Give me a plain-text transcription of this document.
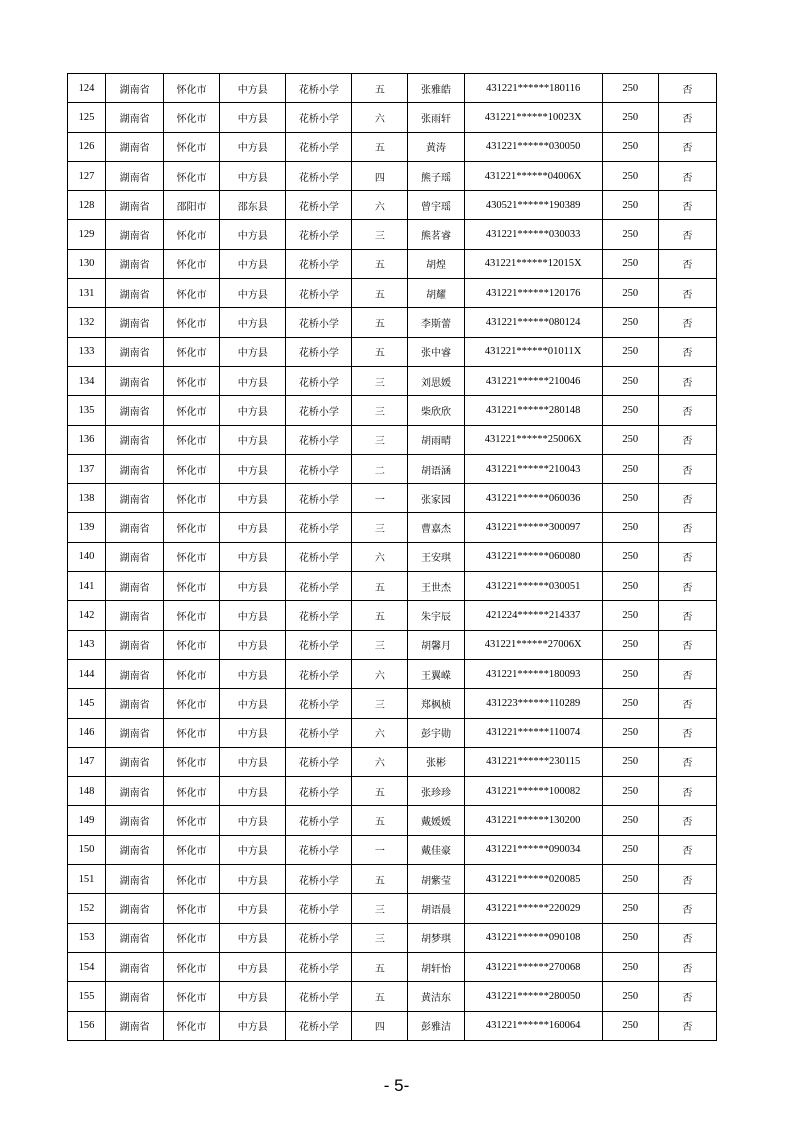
124	湖南省	怀化市	中方县	花桥小学	五	张雅皓	431221******180116	250	否
125	湖南省	怀化市	中方县	花桥小学	六	张雨轩	431221******10023X	250	否
126	湖南省	怀化市	中方县	花桥小学	五	黄涛	431221******030050	250	否
127	湖南省	怀化市	中方县	花桥小学	四	熊子瑶	431221******04006X	250	否
128	湖南省	邵阳市	邵东县	花桥小学	六	曾宇瑶	430521******190389	250	否
129	湖南省	怀化市	中方县	花桥小学	三	熊茗睿	431221******030033	250	否
130	湖南省	怀化市	中方县	花桥小学	五	胡煌	431221******12015X	250	否
131	湖南省	怀化市	中方县	花桥小学	五	胡耀	431221******120176	250	否
132	湖南省	怀化市	中方县	花桥小学	五	李斯蕾	431221******080124	250	否
133	湖南省	怀化市	中方县	花桥小学	五	张中睿	431221******01011X	250	否
134	湖南省	怀化市	中方县	花桥小学	三	刘思媛	431221******210046	250	否
135	湖南省	怀化市	中方县	花桥小学	三	柴欣欣	431221******280148	250	否
136	湖南省	怀化市	中方县	花桥小学	三	胡雨晴	431221******25006X	250	否
137	湖南省	怀化市	中方县	花桥小学	二	胡语涵	431221******210043	250	否
138	湖南省	怀化市	中方县	花桥小学	一	张家园	431221******060036	250	否
139	湖南省	怀化市	中方县	花桥小学	三	曹嘉杰	431221******300097	250	否
140	湖南省	怀化市	中方县	花桥小学	六	王安琪	431221******060080	250	否
141	湖南省	怀化市	中方县	花桥小学	五	王世杰	431221******030051	250	否
142	湖南省	怀化市	中方县	花桥小学	五	朱宇辰	421224******214337	250	否
143	湖南省	怀化市	中方县	花桥小学	三	胡馨月	431221******27006X	250	否
144	湖南省	怀化市	中方县	花桥小学	六	王翼嵘	431221******180093	250	否
145	湖南省	怀化市	中方县	花桥小学	三	郑枫桢	431223******110289	250	否
146	湖南省	怀化市	中方县	花桥小学	六	彭宇勋	431221******110074	250	否
147	湖南省	怀化市	中方县	花桥小学	六	张彬	431221******230115	250	否
148	湖南省	怀化市	中方县	花桥小学	五	张珍珍	431221******100082	250	否
149	湖南省	怀化市	中方县	花桥小学	五	戴媛媛	431221******130200	250	否
150	湖南省	怀化市	中方县	花桥小学	一	戴佳豪	431221******090034	250	否
151	湖南省	怀化市	中方县	花桥小学	五	胡紫莹	431221******020085	250	否
152	湖南省	怀化市	中方县	花桥小学	三	胡语晨	431221******220029	250	否
153	湖南省	怀化市	中方县	花桥小学	三	胡梦琪	431221******090108	250	否
154	湖南省	怀化市	中方县	花桥小学	五	胡轩怡	431221******270068	250	否
155	湖南省	怀化市	中方县	花桥小学	五	黄洁东	431221******280050	250	否
156	湖南省	怀化市	中方县	花桥小学	四	彭雅洁	431221******160064	250	否
- 5-
